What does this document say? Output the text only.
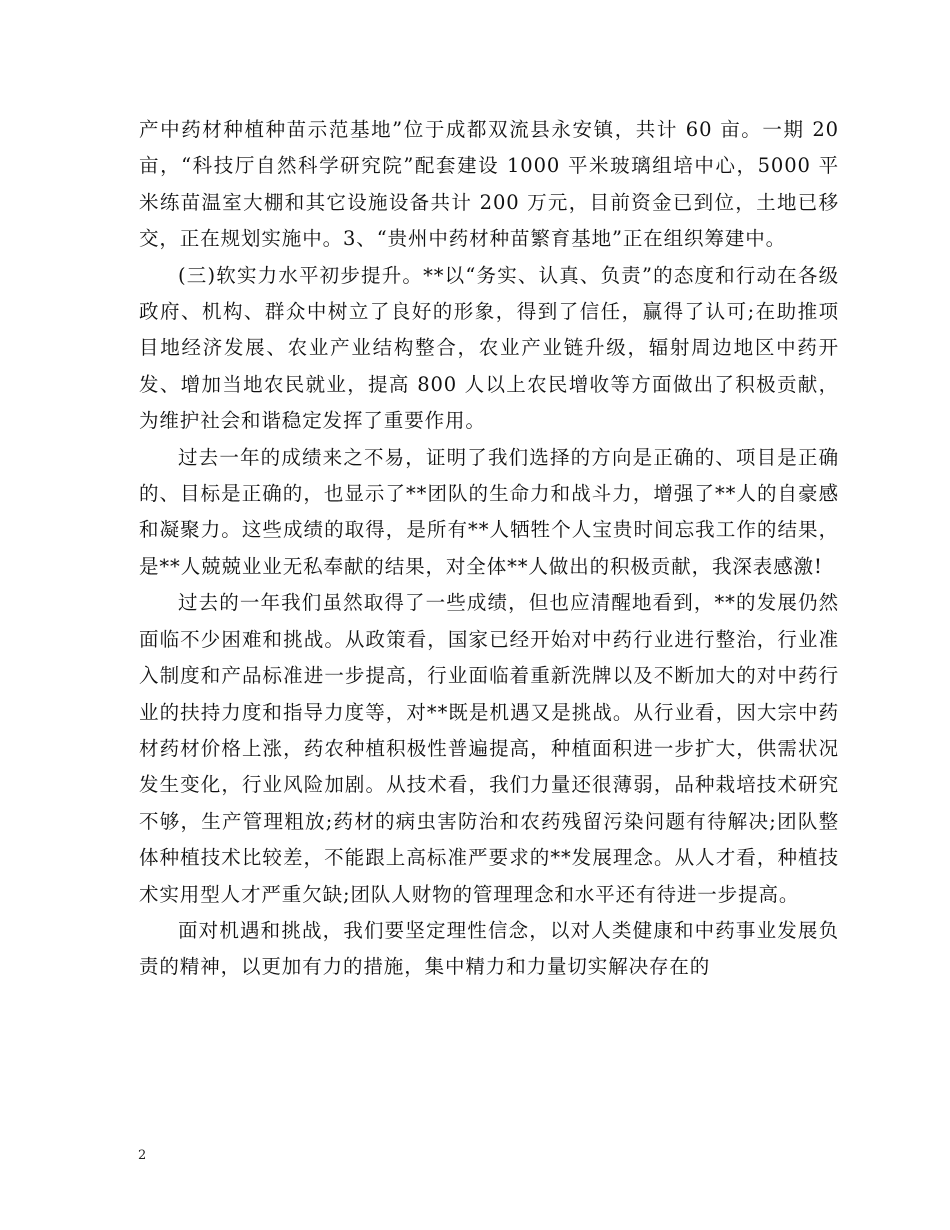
产中药材种植种苗示范基地”位于成都双流县永安镇，共计 60 亩。一期 20 亩，“科技厅自然科学研究院”配套建设 1000 平米玻璃组培中心，5000 平米练苗温室大棚和其它设施设备共计 200 万元，目前资金已到位，土地已移交，正在规划实施中。3、“贵州中药材种苗繁育基地”正在组织筹建中。

(三)软实力水平初步提升。**以“务实、认真、负责”的态度和行动在各级政府、机构、群众中树立了良好的形象，得到了信任，赢得了认可;在助推项目地经济发展、农业产业结构整合，农业产业链升级，辐射周边地区中药开发、增加当地农民就业，提高 800 人以上农民增收等方面做出了积极贡献，为维护社会和谐稳定发挥了重要作用。

过去一年的成绩来之不易，证明了我们选择的方向是正确的、项目是正确的、目标是正确的，也显示了**团队的生命力和战斗力，增强了**人的自豪感和凝聚力。这些成绩的取得，是所有**人牺牲个人宝贵时间忘我工作的结果，是**人兢兢业业无私奉献的结果，对全体**人做出的积极贡献，我深表感激!

过去的一年我们虽然取得了一些成绩，但也应清醒地看到，**的发展仍然面临不少困难和挑战。从政策看，国家已经开始对中药行业进行整治，行业准入制度和产品标准进一步提高，行业面临着重新洗牌以及不断加大的对中药行业的扶持力度和指导力度等，对**既是机遇又是挑战。从行业看，因大宗中药材药材价格上涨，药农种植积极性普遍提高，种植面积进一步扩大，供需状况发生变化，行业风险加剧。从技术看，我们力量还很薄弱，品种栽培技术研究不够，生产管理粗放;药材的病虫害防治和农药残留污染问题有待解决;团队整体种植技术比较差，不能跟上高标准严要求的**发展理念。从人才看，种植技术实用型人才严重欠缺;团队人财物的管理理念和水平还有待进一步提高。

面对机遇和挑战，我们要坚定理性信念，以对人类健康和中药事业发展负责的精神，以更加有力的措施，集中精力和力量切实解决存在的

2
